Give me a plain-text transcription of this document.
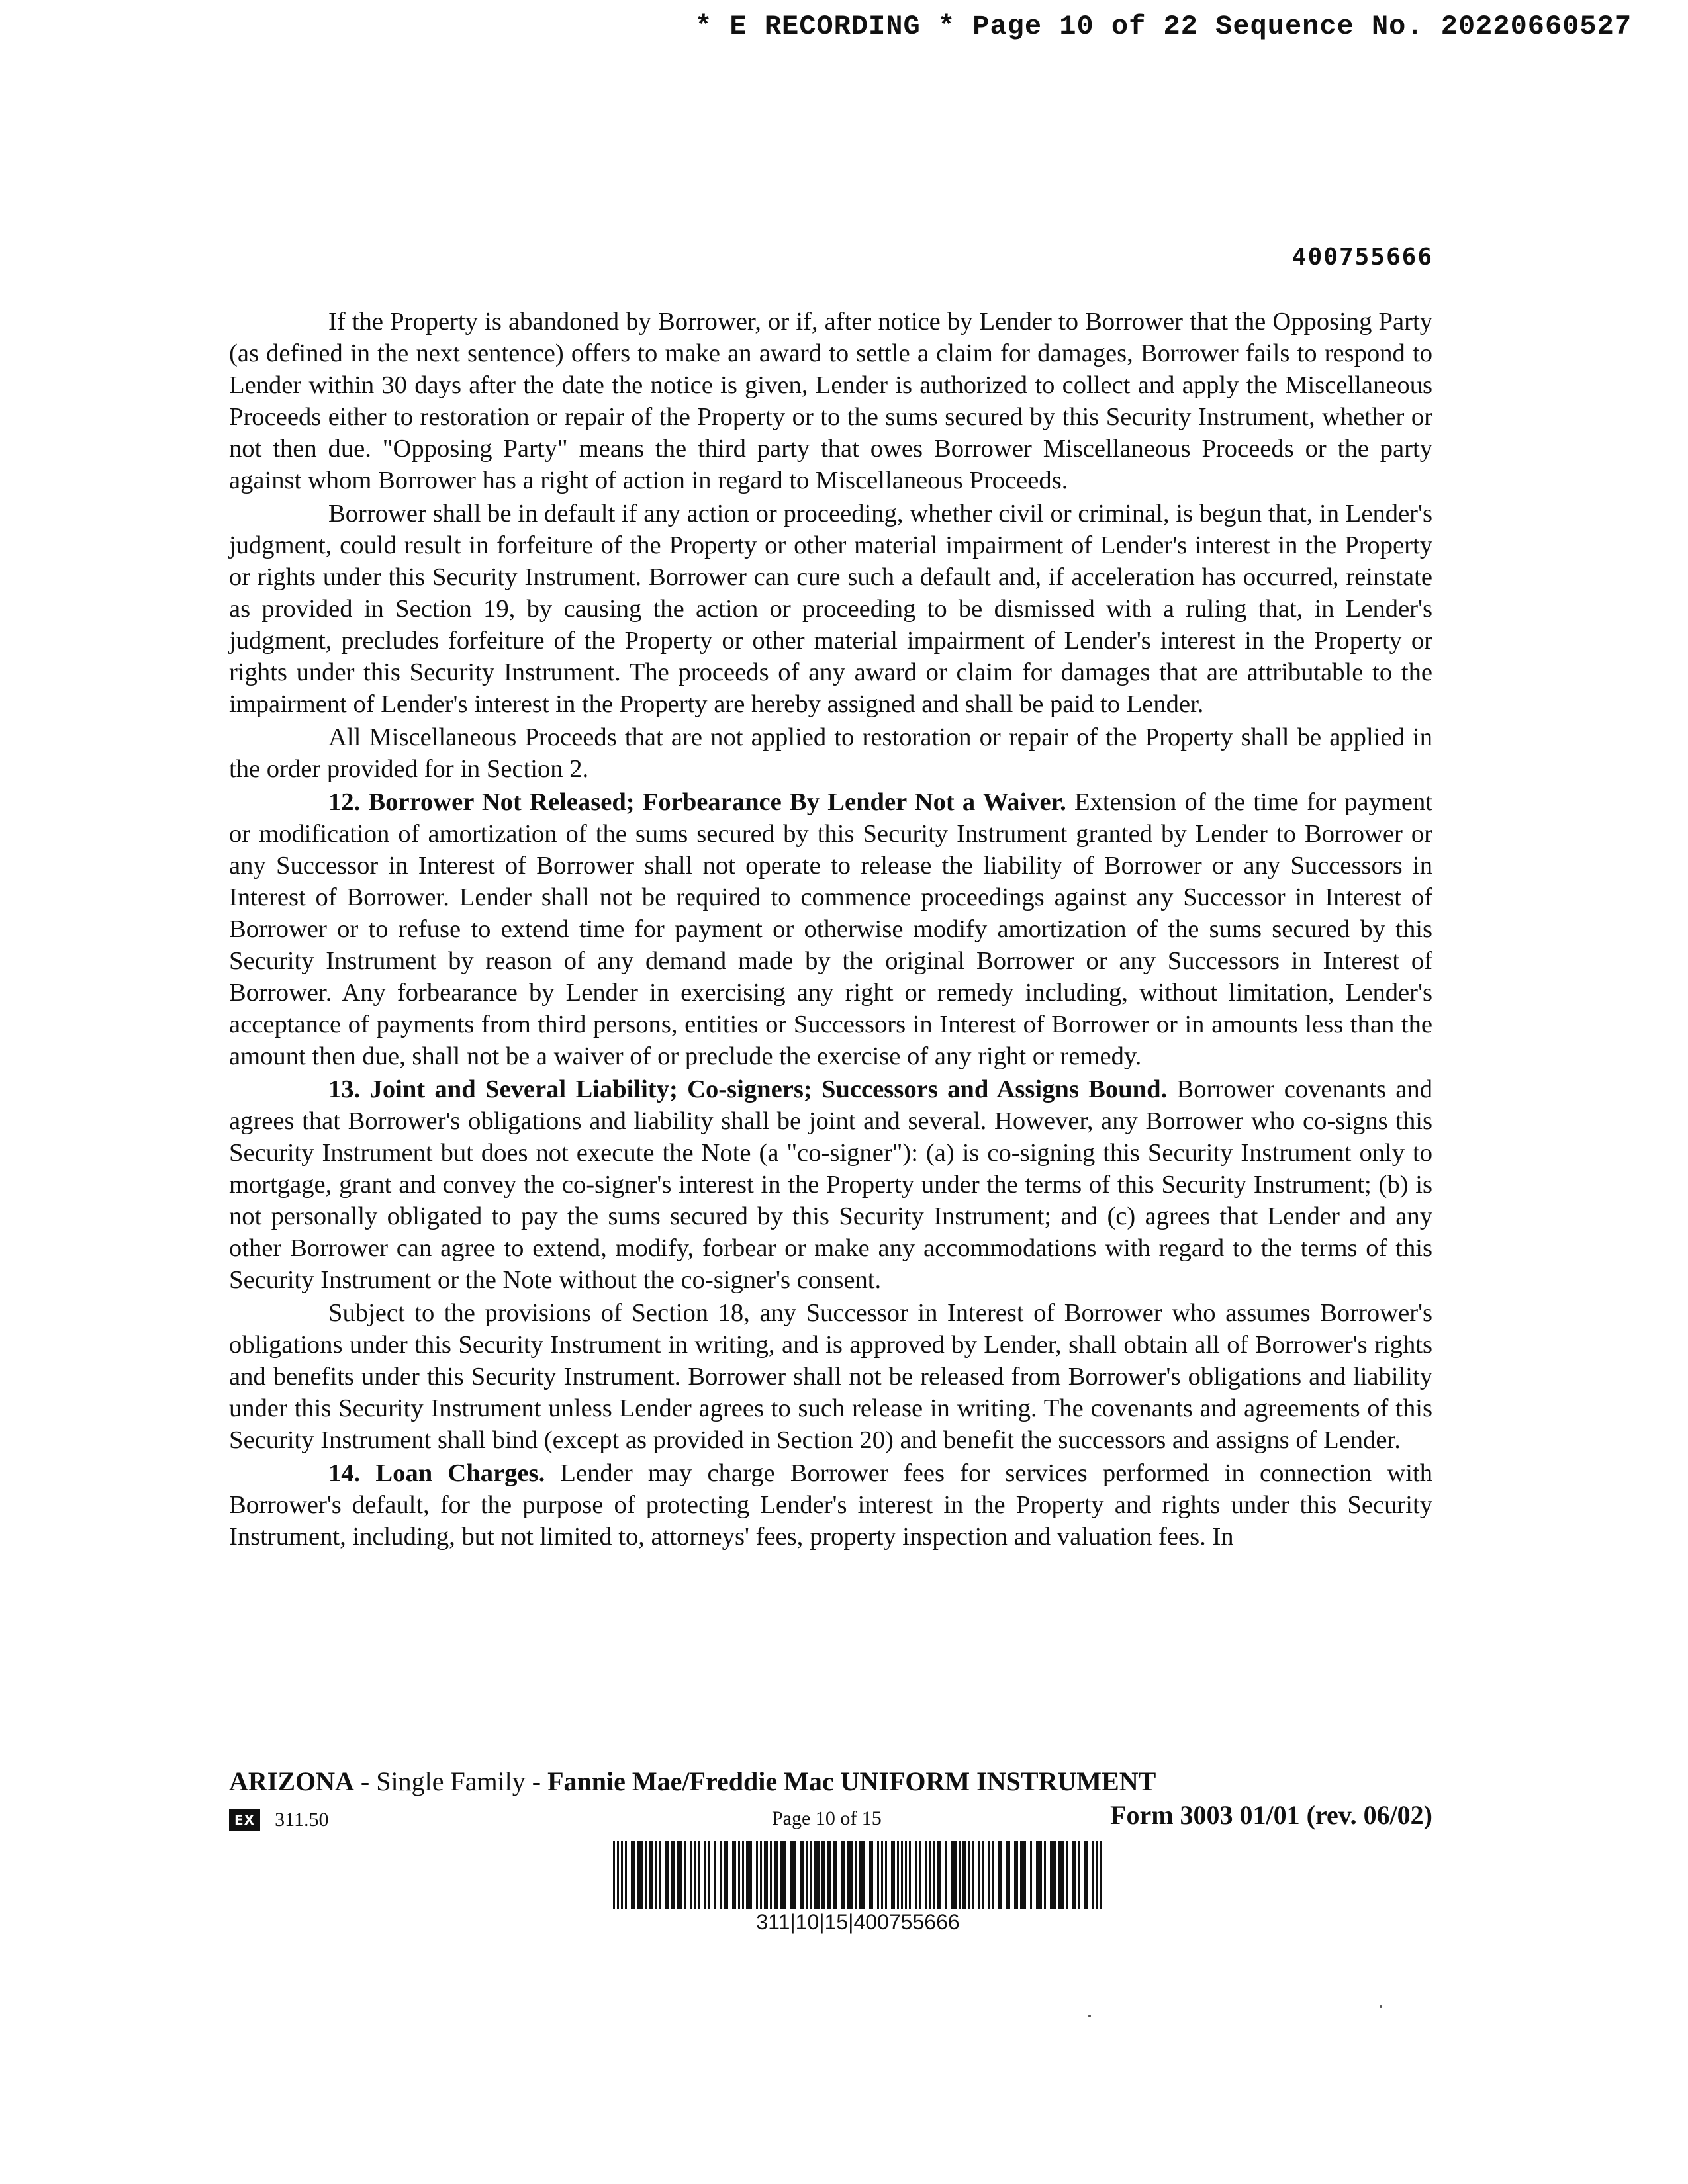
* E RECORDING * Page 10 of 22 Sequence No. 20220660527
400755666

If the Property is abandoned by Borrower, or if, after notice by Lender to Borrower that the Opposing Party (as defined in the next sentence) offers to make an award to settle a claim for damages, Borrower fails to respond to Lender within 30 days after the date the notice is given, Lender is authorized to collect and apply the Miscellaneous Proceeds either to restoration or repair of the Property or to the sums secured by this Security Instrument, whether or not then due. "Opposing Party" means the third party that owes Borrower Miscellaneous Proceeds or the party against whom Borrower has a right of action in regard to Miscellaneous Proceeds.

Borrower shall be in default if any action or proceeding, whether civil or criminal, is begun that, in Lender's judgment, could result in forfeiture of the Property or other material impairment of Lender's interest in the Property or rights under this Security Instrument. Borrower can cure such a default and, if acceleration has occurred, reinstate as provided in Section 19, by causing the action or proceeding to be dismissed with a ruling that, in Lender's judgment, precludes forfeiture of the Property or other material impairment of Lender's interest in the Property or rights under this Security Instrument. The proceeds of any award or claim for damages that are attributable to the impairment of Lender's interest in the Property are hereby assigned and shall be paid to Lender.

All Miscellaneous Proceeds that are not applied to restoration or repair of the Property shall be applied in the order provided for in Section 2.

12. Borrower Not Released; Forbearance By Lender Not a Waiver. Extension of the time for payment or modification of amortization of the sums secured by this Security Instrument granted by Lender to Borrower or any Successor in Interest of Borrower shall not operate to release the liability of Borrower or any Successors in Interest of Borrower. Lender shall not be required to commence proceedings against any Successor in Interest of Borrower or to refuse to extend time for payment or otherwise modify amortization of the sums secured by this Security Instrument by reason of any demand made by the original Borrower or any Successors in Interest of Borrower. Any forbearance by Lender in exercising any right or remedy including, without limitation, Lender's acceptance of payments from third persons, entities or Successors in Interest of Borrower or in amounts less than the amount then due, shall not be a waiver of or preclude the exercise of any right or remedy.

13. Joint and Several Liability; Co-signers; Successors and Assigns Bound. Borrower covenants and agrees that Borrower's obligations and liability shall be joint and several. However, any Borrower who co-signs this Security Instrument but does not execute the Note (a "co-signer"): (a) is co-signing this Security Instrument only to mortgage, grant and convey the co-signer's interest in the Property under the terms of this Security Instrument; (b) is not personally obligated to pay the sums secured by this Security Instrument; and (c) agrees that Lender and any other Borrower can agree to extend, modify, forbear or make any accommodations with regard to the terms of this Security Instrument or the Note without the co-signer's consent.

Subject to the provisions of Section 18, any Successor in Interest of Borrower who assumes Borrower's obligations under this Security Instrument in writing, and is approved by Lender, shall obtain all of Borrower's rights and benefits under this Security Instrument. Borrower shall not be released from Borrower's obligations and liability under this Security Instrument unless Lender agrees to such release in writing. The covenants and agreements of this Security Instrument shall bind (except as provided in Section 20) and benefit the successors and assigns of Lender.

14. Loan Charges. Lender may charge Borrower fees for services performed in connection with Borrower's default, for the purpose of protecting Lender's interest in the Property and rights under this Security Instrument, including, but not limited to, attorneys' fees, property inspection and valuation fees. In

ARIZONA - Single Family - Fannie Mae/Freddie Mac UNIFORM INSTRUMENT
EX 311.50	Page 10 of 15	Form 3003 01/01 (rev. 06/02)
311|10|15|400755666
